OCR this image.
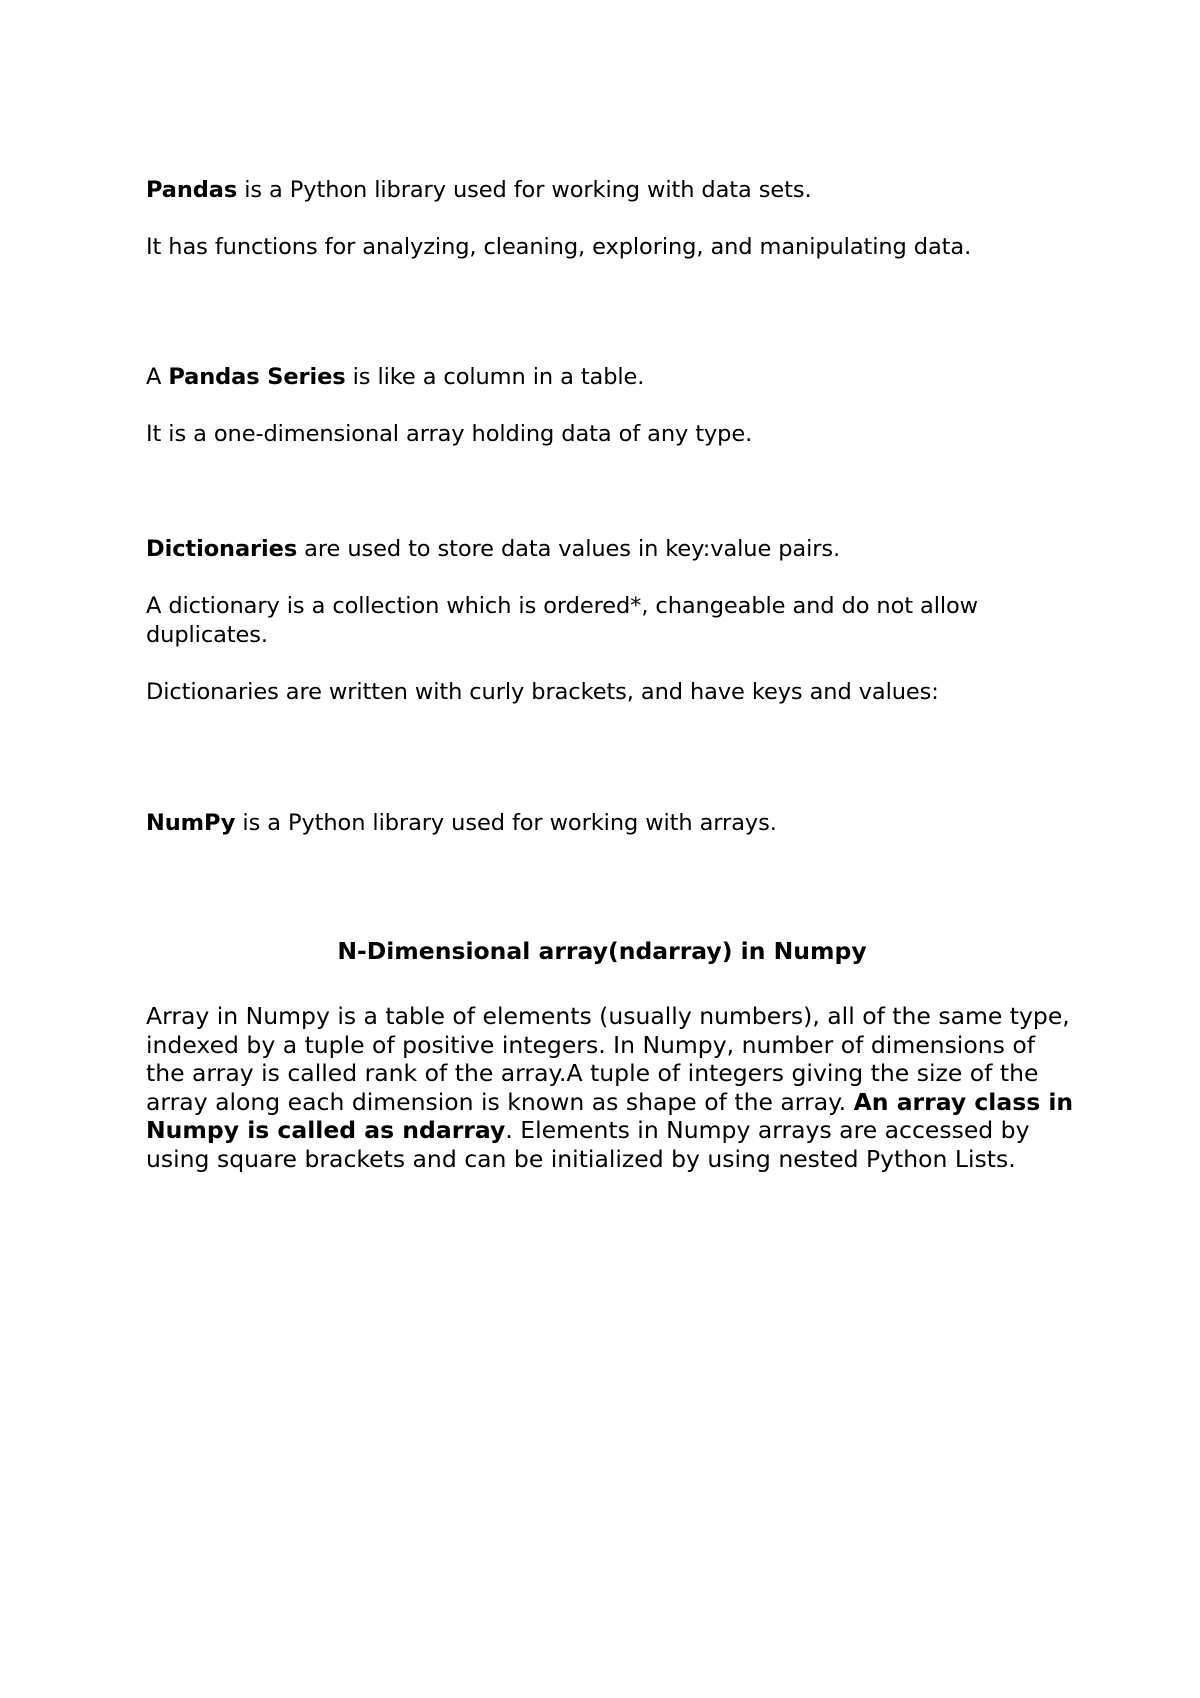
Pandas is a Python library used for working with data sets.

It has functions for analyzing, cleaning, exploring, and manipulating data.

A Pandas Series is like a column in a table.

It is a one-dimensional array holding data of any type.

Dictionaries are used to store data values in key:value pairs.

A dictionary is a collection which is ordered*, changeable and do not allow duplicates.

Dictionaries are written with curly brackets, and have keys and values:

NumPy is a Python library used for working with arrays.

N-Dimensional array(ndarray) in Numpy

Array in Numpy is a table of elements (usually numbers), all of the same type, indexed by a tuple of positive integers. In Numpy, number of dimensions of the array is called rank of the array.A tuple of integers giving the size of the array along each dimension is known as shape of the array. An array class in Numpy is called as ndarray. Elements in Numpy arrays are accessed by using square brackets and can be initialized by using nested Python Lists.
